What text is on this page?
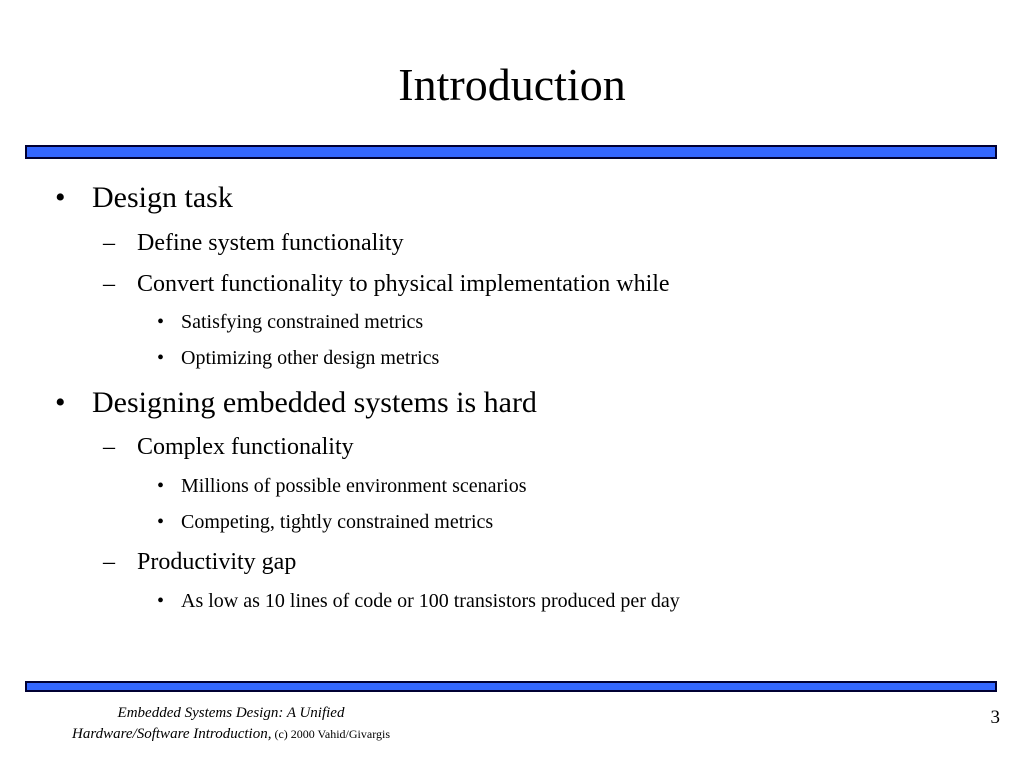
Introduction
• Design task
– Define system functionality
– Convert functionality to physical implementation while
• Satisfying constrained metrics
• Optimizing other design metrics
• Designing embedded systems is hard
– Complex functionality
• Millions of possible environment scenarios
• Competing, tightly constrained metrics
– Productivity gap
• As low as 10 lines of code or 100 transistors produced per day
Embedded Systems Design: A Unified
Hardware/Software Introduction, (c) 2000 Vahid/Givargis
3
